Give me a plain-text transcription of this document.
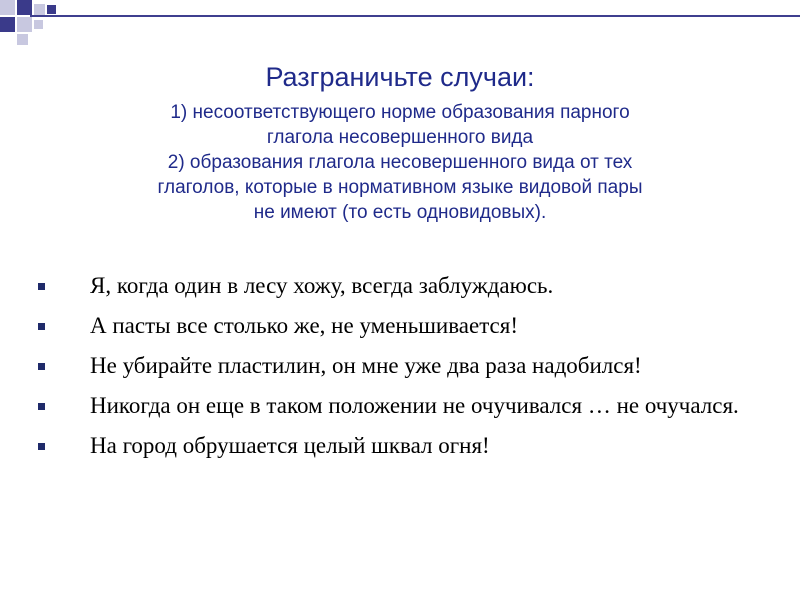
Разграничьте случаи:

1) несоответствующего норме образования парного

глагола несовершенного вида

2) образования глагола несовершенного вида от тех

глаголов, которые в нормативном языке видовой пары

не имеют (то есть одновидовых).

Я, когда один в лесу хожу, всегда заблуждаюсь.
А пасты все столько же, не уменьшивается!
Не убирайте пластилин, он мне уже два раза надобился!
Никогда он еще в таком положении не очучивался … не очучался.
На город обрушается целый шквал огня!
